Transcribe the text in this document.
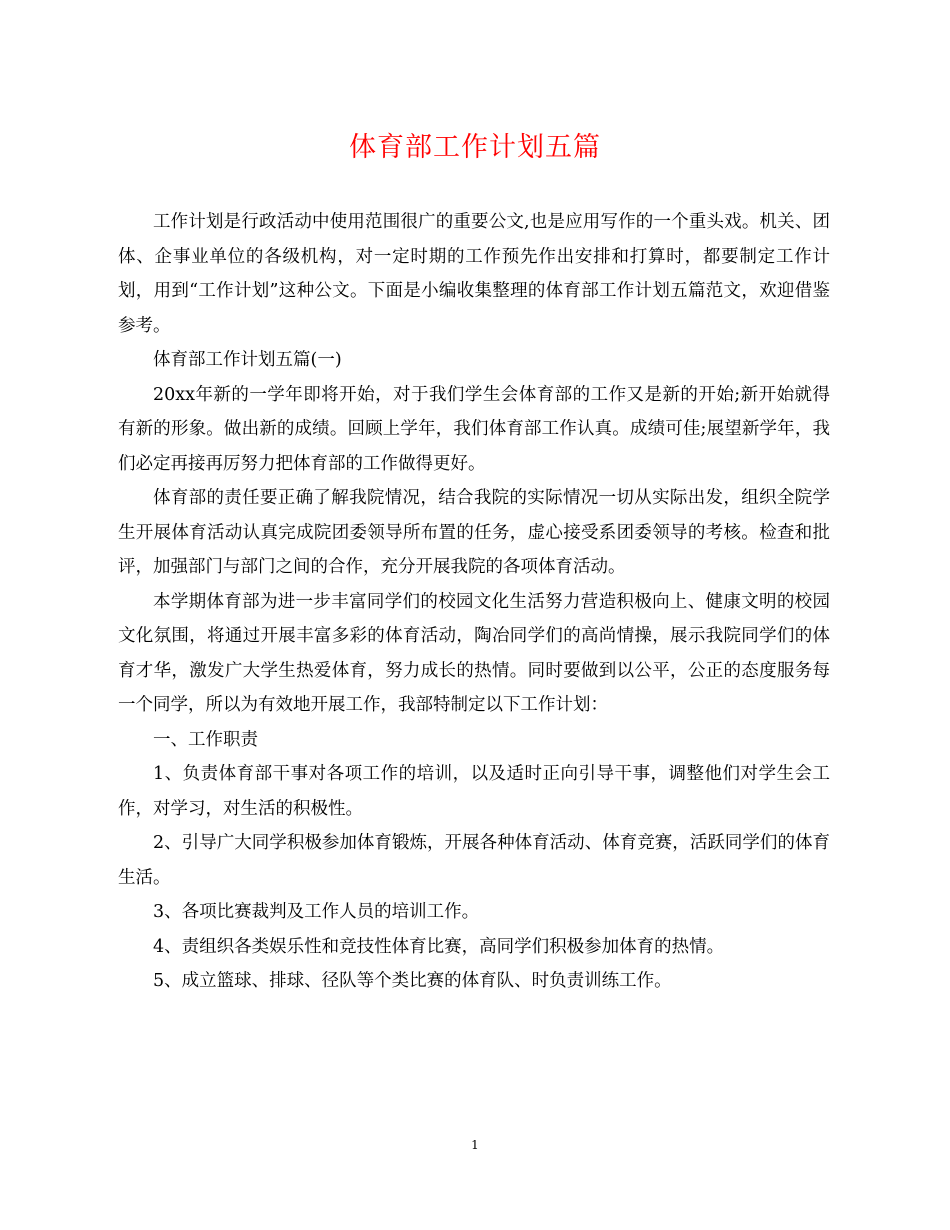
体育部工作计划五篇

工作计划是行政活动中使用范围很广的重要公文,也是应用写作的一个重头戏。机关、团体、企事业单位的各级机构，对一定时期的工作预先作出安排和打算时，都要制定工作计划，用到“工作计划”这种公文。下面是小编收集整理的体育部工作计划五篇范文，欢迎借鉴参考。

体育部工作计划五篇(一)

20xx年新的一学年即将开始，对于我们学生会体育部的工作又是新的开始;新开始就得有新的形象。做出新的成绩。回顾上学年，我们体育部工作认真。成绩可佳;展望新学年，我们必定再接再厉努力把体育部的工作做得更好。

体育部的责任要正确了解我院情况，结合我院的实际情况一切从实际出发，组织全院学生开展体育活动认真完成院团委领导所布置的任务，虚心接受系团委领导的考核。检查和批评，加强部门与部门之间的合作，充分开展我院的各项体育活动。

本学期体育部为进一步丰富同学们的校园文化生活努力营造积极向上、健康文明的校园文化氛围，将通过开展丰富多彩的体育活动，陶冶同学们的高尚情操，展示我院同学们的体育才华，激发广大学生热爱体育，努力成长的热情。同时要做到以公平，公正的态度服务每一个同学，所以为有效地开展工作，我部特制定以下工作计划：

一、工作职责

1、负责体育部干事对各项工作的培训，以及适时正向引导干事，调整他们对学生会工作，对学习，对生活的积极性。

2、引导广大同学积极参加体育锻炼，开展各种体育活动、体育竞赛，活跃同学们的体育生活。

3、各项比赛裁判及工作人员的培训工作。

4、责组织各类娱乐性和竞技性体育比赛，高同学们积极参加体育的热情。

5、成立篮球、排球、径队等个类比赛的体育队、时负责训练工作。

1
